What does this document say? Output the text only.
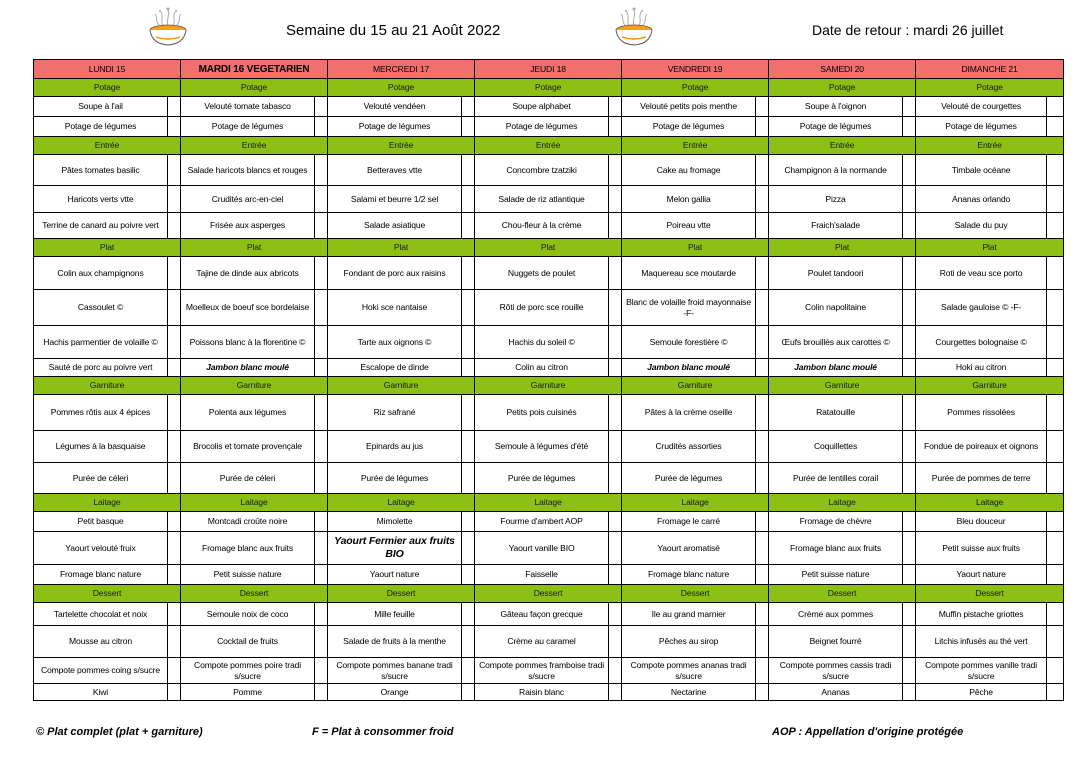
Semaine du 15 au 21 Août 2022	Date de retour : mardi 26 juillet
LUNDI 15		MARDI 16 VEGETARIEN		MERCREDI 17		JEUDI 18		VENDREDI 19		SAMEDI 20		DIMANCHE 21	
Potage		Potage		Potage		Potage		Potage		Potage		Potage	
Soupe à l'ail		Velouté tomate tabasco		Velouté vendéen		Soupe alphabet		Velouté petits pois menthe		Soupe à l'oignon		Velouté de courgettes	
Potage de légumes		Potage de légumes		Potage de légumes		Potage de légumes		Potage de légumes		Potage de légumes		Potage de légumes	
Entrée		Entrée		Entrée		Entrée		Entrée		Entrée		Entrée	
Pâtes tomates basilic		Salade haricots blancs et rouges		Betteraves vtte		Concombre tzatziki		Cake au fromage		Champignon à la normande		Timbale océane	
Haricots verts vtte		Crudités arc-en-ciel		Salami et beurre 1/2 sel		Salade de riz atlantique		Melon gallia		Pizza		Ananas orlando	
Terrine de canard au poivre vert		Frisée aux asperges		Salade asiatique		Chou-fleur à la crème		Poireau vtte		Fraich'salade		Salade du puy	
Plat		Plat		Plat		Plat		Plat		Plat		Plat	
Colin aux champignons		Tajine de dinde aux abricots		Fondant de porc aux raisins		Nuggets de poulet		Maquereau sce moutarde		Poulet tandoori		Roti de veau sce porto	
Cassoulet ©		Moelleux de boeuf sce bordelaise		Hoki sce nantaise		Rôti de porc sce rouille		Blanc de volaille froid mayonnaise -F-		Colin napolitaine		Salade gauloise © -F-	
Hachis parmentier de volaille ©		Poissons blanc à la florentine ©		Tarte aux oignons ©		Hachis du soleil ©		Semoule forestière ©		Œufs brouillés aux carottes ©		Courgettes bolognaise ©	
Sauté de porc au poivre vert		Jambon blanc moulé		Escalope de dinde		Colin au citron		Jambon blanc moulé		Jambon blanc moulé		Hoki au citron	
Garniture		Garniture		Garniture		Garniture		Garniture		Garniture		Garniture	
Pommes rôtis aux 4 épices		Polenta aux légumes		Riz safrané		Petits pois cuisinés		Pâtes à la crème oseille		Ratatouille		Pommes rissolées	
Légumes à la basquaise		Brocolis et tomate provençale		Epinards au jus		Semoule à légumes d'été		Crudités assorties		Coquillettes		Fondue de poireaux et oignons	
Purée de céleri		Purée de céleri		Purée de légumes		Purée de légumes		Purée de légumes		Purée de lentilles corail		Purée de pommes de terre	
Laitage		Laitage		Laitage		Laitage		Laitage		Laitage		Laitage	
Petit basque		Montcadi croûte noire		Mimolette		Fourme d'ambert AOP		Fromage le carré		Fromage de chèvre		Bleu douceur	
Yaourt velouté fruix		Fromage blanc aux fruits		Yaourt Fermier aux fruits BIO		Yaourt vanille BIO		Yaourt aromatisé		Fromage blanc aux fruits		Petit suisse aux fruits	
Fromage blanc nature		Petit suisse nature		Yaourt nature		Faisselle		Fromage blanc nature		Petit suisse nature		Yaourt nature	
Dessert		Dessert		Dessert		Dessert		Dessert		Dessert		Dessert	
Tartelette chocolat et noix		Semoule noix de coco		Mille feuille		Gâteau façon grecque		Ile au grand marnier		Crème aux pommes		Muffin pistache griottes	
Mousse au citron		Cocktail de fruits		Salade de fruits à la menthe		Crème au caramel		Pêches au sirop		Beignet fourré		Litchis infusés au thé vert	
Compote pommes coing s/sucre		Compote pommes poire tradi s/sucre		Compote pommes banane tradi s/sucre		Compote pommes framboise tradi s/sucre		Compote pommes ananas tradi s/sucre		Compote pommes cassis tradi s/sucre		Compote pommes vanille tradi s/sucre	
Kiwi		Pomme		Orange		Raisin blanc		Nectarine		Ananas		Pêche	
© Plat complet (plat + garniture)	F = Plat à consommer froid	AOP : Appellation d'origine protégée
